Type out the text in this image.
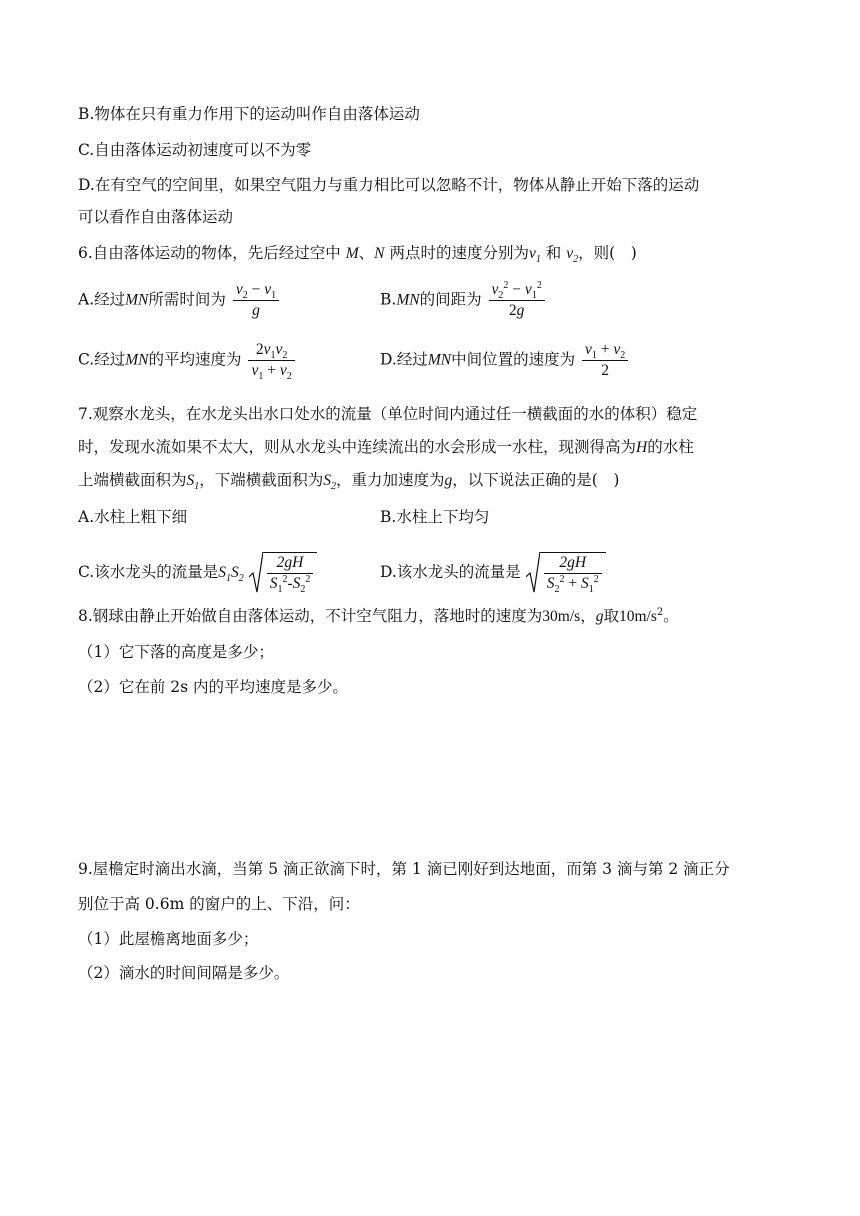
B.物体在只有重力作用下的运动叫作自由落体运动
C.自由落体运动初速度可以不为零
D.在有空气的空间里，如果空气阻力与重力相比可以忽略不计，物体从静止开始下落的运动
可以看作自由落体运动
6.自由落体运动的物体，先后经过空中 M、N 两点时的速度分别为$v_1$ 和 $v_2$，则(　)
A.经过MN所需时间为 $\frac{v_2 - v_1}{g}$	B.MN的间距为 $\frac{v_2^2 - v_1^2}{2g}$
C.经过MN的平均速度为 $\frac{2v_1v_2}{v_1 + v_2}$	D.经过MN中间位置的速度为 $\frac{v_1 + v_2}{2}$
7.观察水龙头，在水龙头出水口处水的流量（单位时间内通过任一横截面的水的体积）稳定
时，发现水流如果不太大，则从水龙头中连续流出的水会形成一水柱，现测得高为H的水柱
上端横截面积为$S_1$，下端横截面积为$S_2$，重力加速度为g，以下说法正确的是(　)
A.水柱上粗下细	B.水柱上下均匀
C.该水龙头的流量是$S_1S_2 \frac{2gH}{S_1^2-S_2^2}$	D.该水龙头的流量是 $\frac{2gH}{S_2^2 + S_1^2}$
8.钢球由静止开始做自由落体运动，不计空气阻力，落地时的速度为30m/s，g取$10m/s^2$。
（1）它下落的高度是多少；
（2）它在前 2s 内的平均速度是多少。
9.屋檐定时滴出水滴，当第 5 滴正欲滴下时，第 1 滴已刚好到达地面，而第 3 滴与第 2 滴正分
别位于高 0.6m 的窗户的上、下沿，问：
（1）此屋檐离地面多少；
（2）滴水的时间间隔是多少。
